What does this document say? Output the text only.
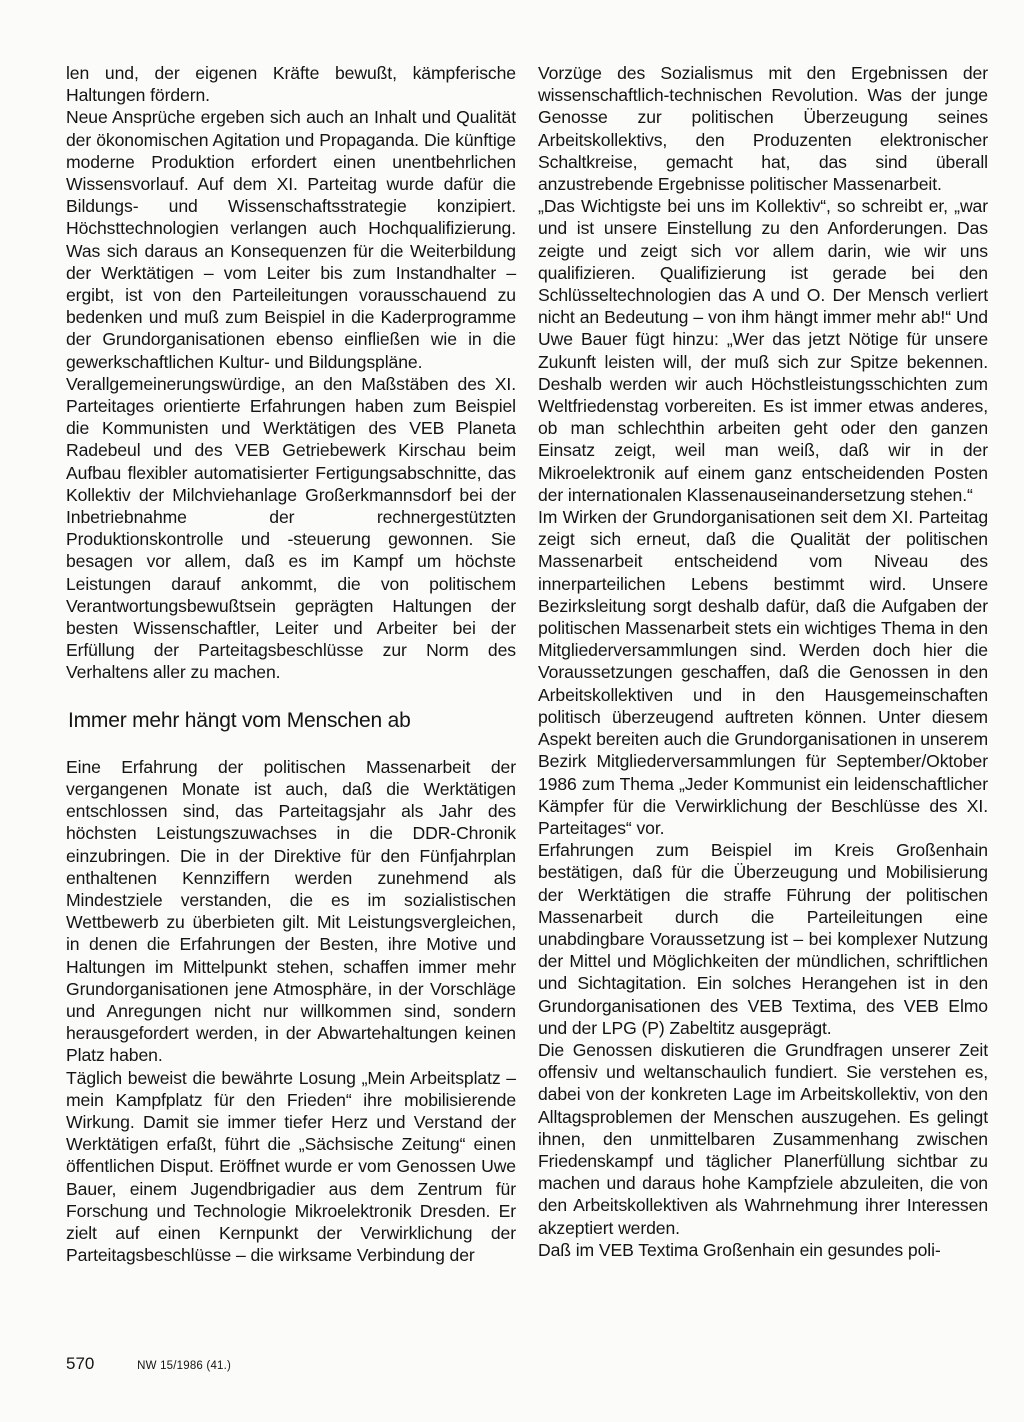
len und, der eigenen Kräfte bewußt, kämpferische Haltungen fördern.

Neue Ansprüche ergeben sich auch an Inhalt und Qualität der ökonomischen Agitation und Propaganda. Die künftige moderne Produktion erfordert einen unentbehrlichen Wissensvorlauf. Auf dem XI. Parteitag wurde dafür die Bildungs- und Wissenschaftsstrategie konzipiert. Höchsttechnologien verlangen auch Hochqualifizierung. Was sich daraus an Konsequenzen für die Weiterbildung der Werktätigen – vom Leiter bis zum Instandhalter – ergibt, ist von den Parteileitungen vorausschauend zu bedenken und muß zum Beispiel in die Kaderprogramme der Grundorganisationen ebenso einfließen wie in die gewerkschaftlichen Kultur- und Bildungspläne.

Verallgemeinerungswürdige, an den Maßstäben des XI. Parteitages orientierte Erfahrungen haben zum Beispiel die Kommunisten und Werktätigen des VEB Planeta Radebeul und des VEB Getriebewerk Kirschau beim Aufbau flexibler automatisierter Fertigungsabschnitte, das Kollektiv der Milchviehanlage Großerkmannsdorf bei der Inbetriebnahme der rechnergestützten Produktionskontrolle und -steuerung gewonnen. Sie besagen vor allem, daß es im Kampf um höchste Leistungen darauf ankommt, die von politischem Verantwortungsbewußtsein geprägten Haltungen der besten Wissenschaftler, Leiter und Arbeiter bei der Erfüllung der Parteitagsbeschlüsse zur Norm des Verhaltens aller zu machen.

Immer mehr hängt vom Menschen ab

Eine Erfahrung der politischen Massenarbeit der vergangenen Monate ist auch, daß die Werktätigen entschlossen sind, das Parteitagsjahr als Jahr des höchsten Leistungszuwachses in die DDR-Chronik einzubringen. Die in der Direktive für den Fünfjahrplan enthaltenen Kennziffern werden zunehmend als Mindestziele verstanden, die es im sozialistischen Wettbewerb zu überbieten gilt. Mit Leistungsvergleichen, in denen die Erfahrungen der Besten, ihre Motive und Haltungen im Mittelpunkt stehen, schaffen immer mehr Grundorganisationen jene Atmosphäre, in der Vorschläge und Anregungen nicht nur willkommen sind, sondern herausgefordert werden, in der Abwartehaltungen keinen Platz haben.

Täglich beweist die bewährte Losung „Mein Arbeitsplatz – mein Kampfplatz für den Frieden“ ihre mobilisierende Wirkung. Damit sie immer tiefer Herz und Verstand der Werktätigen erfaßt, führt die „Sächsische Zeitung“ einen öffentlichen Disput. Eröffnet wurde er vom Genossen Uwe Bauer, einem Jugendbrigadier aus dem Zentrum für Forschung und Technologie Mikroelektronik Dresden. Er zielt auf einen Kernpunkt der Verwirklichung der Parteitagsbeschlüsse – die wirksame Verbindung der

Vorzüge des Sozialismus mit den Ergebnissen der wissenschaftlich-technischen Revolution. Was der junge Genosse zur politischen Überzeugung seines Arbeitskollektivs, den Produzenten elektronischer Schaltkreise, gemacht hat, das sind überall anzustrebende Ergebnisse politischer Massenarbeit.

„Das Wichtigste bei uns im Kollektiv“, so schreibt er, „war und ist unsere Einstellung zu den Anforderungen. Das zeigte und zeigt sich vor allem darin, wie wir uns qualifizieren. Qualifizierung ist gerade bei den Schlüsseltechnologien das A und O. Der Mensch verliert nicht an Bedeutung – von ihm hängt immer mehr ab!“ Und Uwe Bauer fügt hinzu: „Wer das jetzt Nötige für unsere Zukunft leisten will, der muß sich zur Spitze bekennen. Deshalb werden wir auch Höchstleistungsschichten zum Weltfriedenstag vorbereiten. Es ist immer etwas anderes, ob man schlechthin arbeiten geht oder den ganzen Einsatz zeigt, weil man weiß, daß wir in der Mikroelektronik auf einem ganz entscheidenden Posten der internationalen Klassenauseinandersetzung stehen.“

Im Wirken der Grundorganisationen seit dem XI. Parteitag zeigt sich erneut, daß die Qualität der politischen Massenarbeit entscheidend vom Niveau des innerparteilichen Lebens bestimmt wird. Unsere Bezirksleitung sorgt deshalb dafür, daß die Aufgaben der politischen Massenarbeit stets ein wichtiges Thema in den Mitgliederversammlungen sind. Werden doch hier die Voraussetzungen geschaffen, daß die Genossen in den Arbeitskollektiven und in den Hausgemeinschaften politisch überzeugend auftreten können. Unter diesem Aspekt bereiten auch die Grundorganisationen in unserem Bezirk Mitgliederversammlungen für September/Oktober 1986 zum Thema „Jeder Kommunist ein leidenschaftlicher Kämpfer für die Verwirklichung der Beschlüsse des XI. Parteitages“ vor.

Erfahrungen zum Beispiel im Kreis Großenhain bestätigen, daß für die Überzeugung und Mobilisierung der Werktätigen die straffe Führung der politischen Massenarbeit durch die Parteileitungen eine unabdingbare Voraussetzung ist – bei komplexer Nutzung der Mittel und Möglichkeiten der mündlichen, schriftlichen und Sichtagitation. Ein solches Herangehen ist in den Grundorganisationen des VEB Textima, des VEB Elmo und der LPG (P) Zabeltitz ausgeprägt.

Die Genossen diskutieren die Grundfragen unserer Zeit offensiv und weltanschaulich fundiert. Sie verstehen es, dabei von der konkreten Lage im Arbeitskollektiv, von den Alltagsproblemen der Menschen auszugehen. Es gelingt ihnen, den unmittelbaren Zusammenhang zwischen Friedenskampf und täglicher Planerfüllung sichtbar zu machen und daraus hohe Kampfziele abzuleiten, die von den Arbeitskollektiven als Wahrnehmung ihrer Interessen akzeptiert werden.

Daß im VEB Textima Großenhain ein gesundes poli-

570	NW 15/1986 (41.)
